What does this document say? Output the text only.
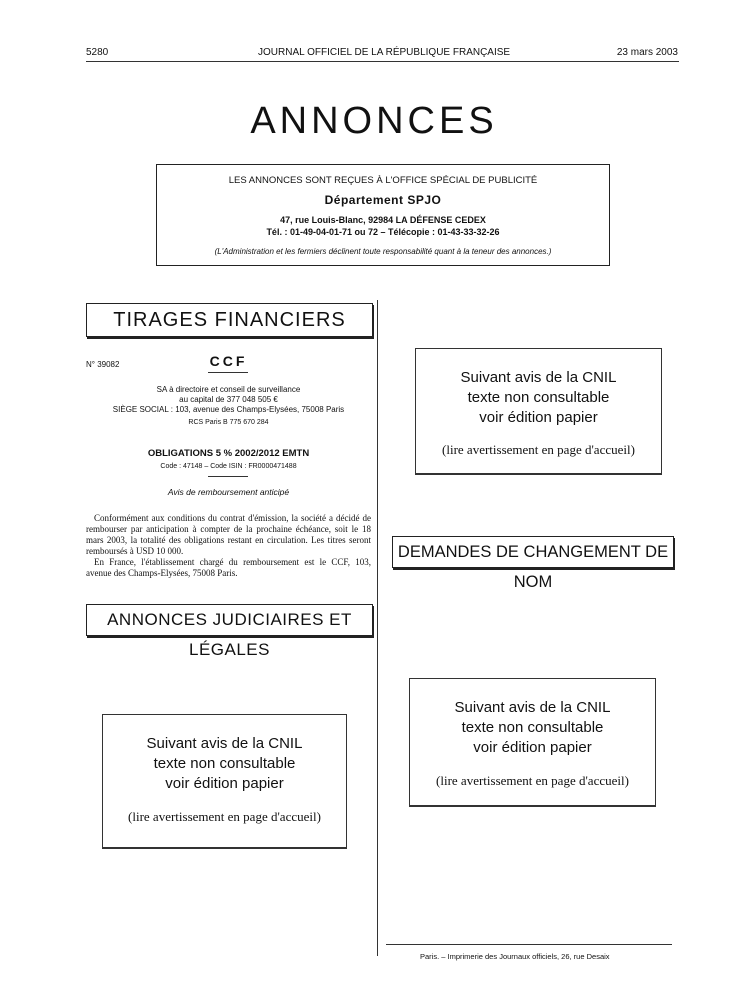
5280	JOURNAL OFFICIEL DE LA RÉPUBLIQUE FRANÇAISE	23 mars 2003
ANNONCES
LES ANNONCES SONT REÇUES À L'OFFICE SPÉCIAL DE PUBLICITÉ
Département SPJO
47, rue Louis-Blanc, 92984 LA DÉFENSE CEDEX
Tél. : 01-49-04-01-71 ou 72 – Télécopie : 01-43-33-32-26
(L'Administration et les fermiers déclinent toute responsabilité quant à la teneur des annonces.)
TIRAGES FINANCIERS
N° 39082	CCF
SA à directoire et conseil de surveillance
au capital de 377 048 505 €
SIÈGE SOCIAL : 103, avenue des Champs-Elysées, 75008 Paris
RCS Paris B 775 670 284
OBLIGATIONS 5 % 2002/2012 EMTN
Code : 47148 – Code ISIN : FR0000471488
Avis de remboursement anticipé
Conformément aux conditions du contrat d'émission, la société a décidé de rembourser par anticipation à compter de la prochaine échéance, soit le 18 mars 2003, la totalité des obligations restant en circulation. Les titres seront remboursés à USD 10 000.
En France, l'établissement chargé du remboursement est le CCF, 103, avenue des Champs-Elysées, 75008 Paris.
ANNONCES JUDICIAIRES ET LÉGALES
Suivant avis de la CNIL
texte non consultable
voir édition papier
(lire avertissement en page d'accueil)
Suivant avis de la CNIL
texte non consultable
voir édition papier
(lire avertissement en page d'accueil)
DEMANDES DE CHANGEMENT DE NOM
Suivant avis de la CNIL
texte non consultable
voir édition papier
(lire avertissement en page d'accueil)
Paris. – Imprimerie des Journaux officiels, 26, rue Desaix
